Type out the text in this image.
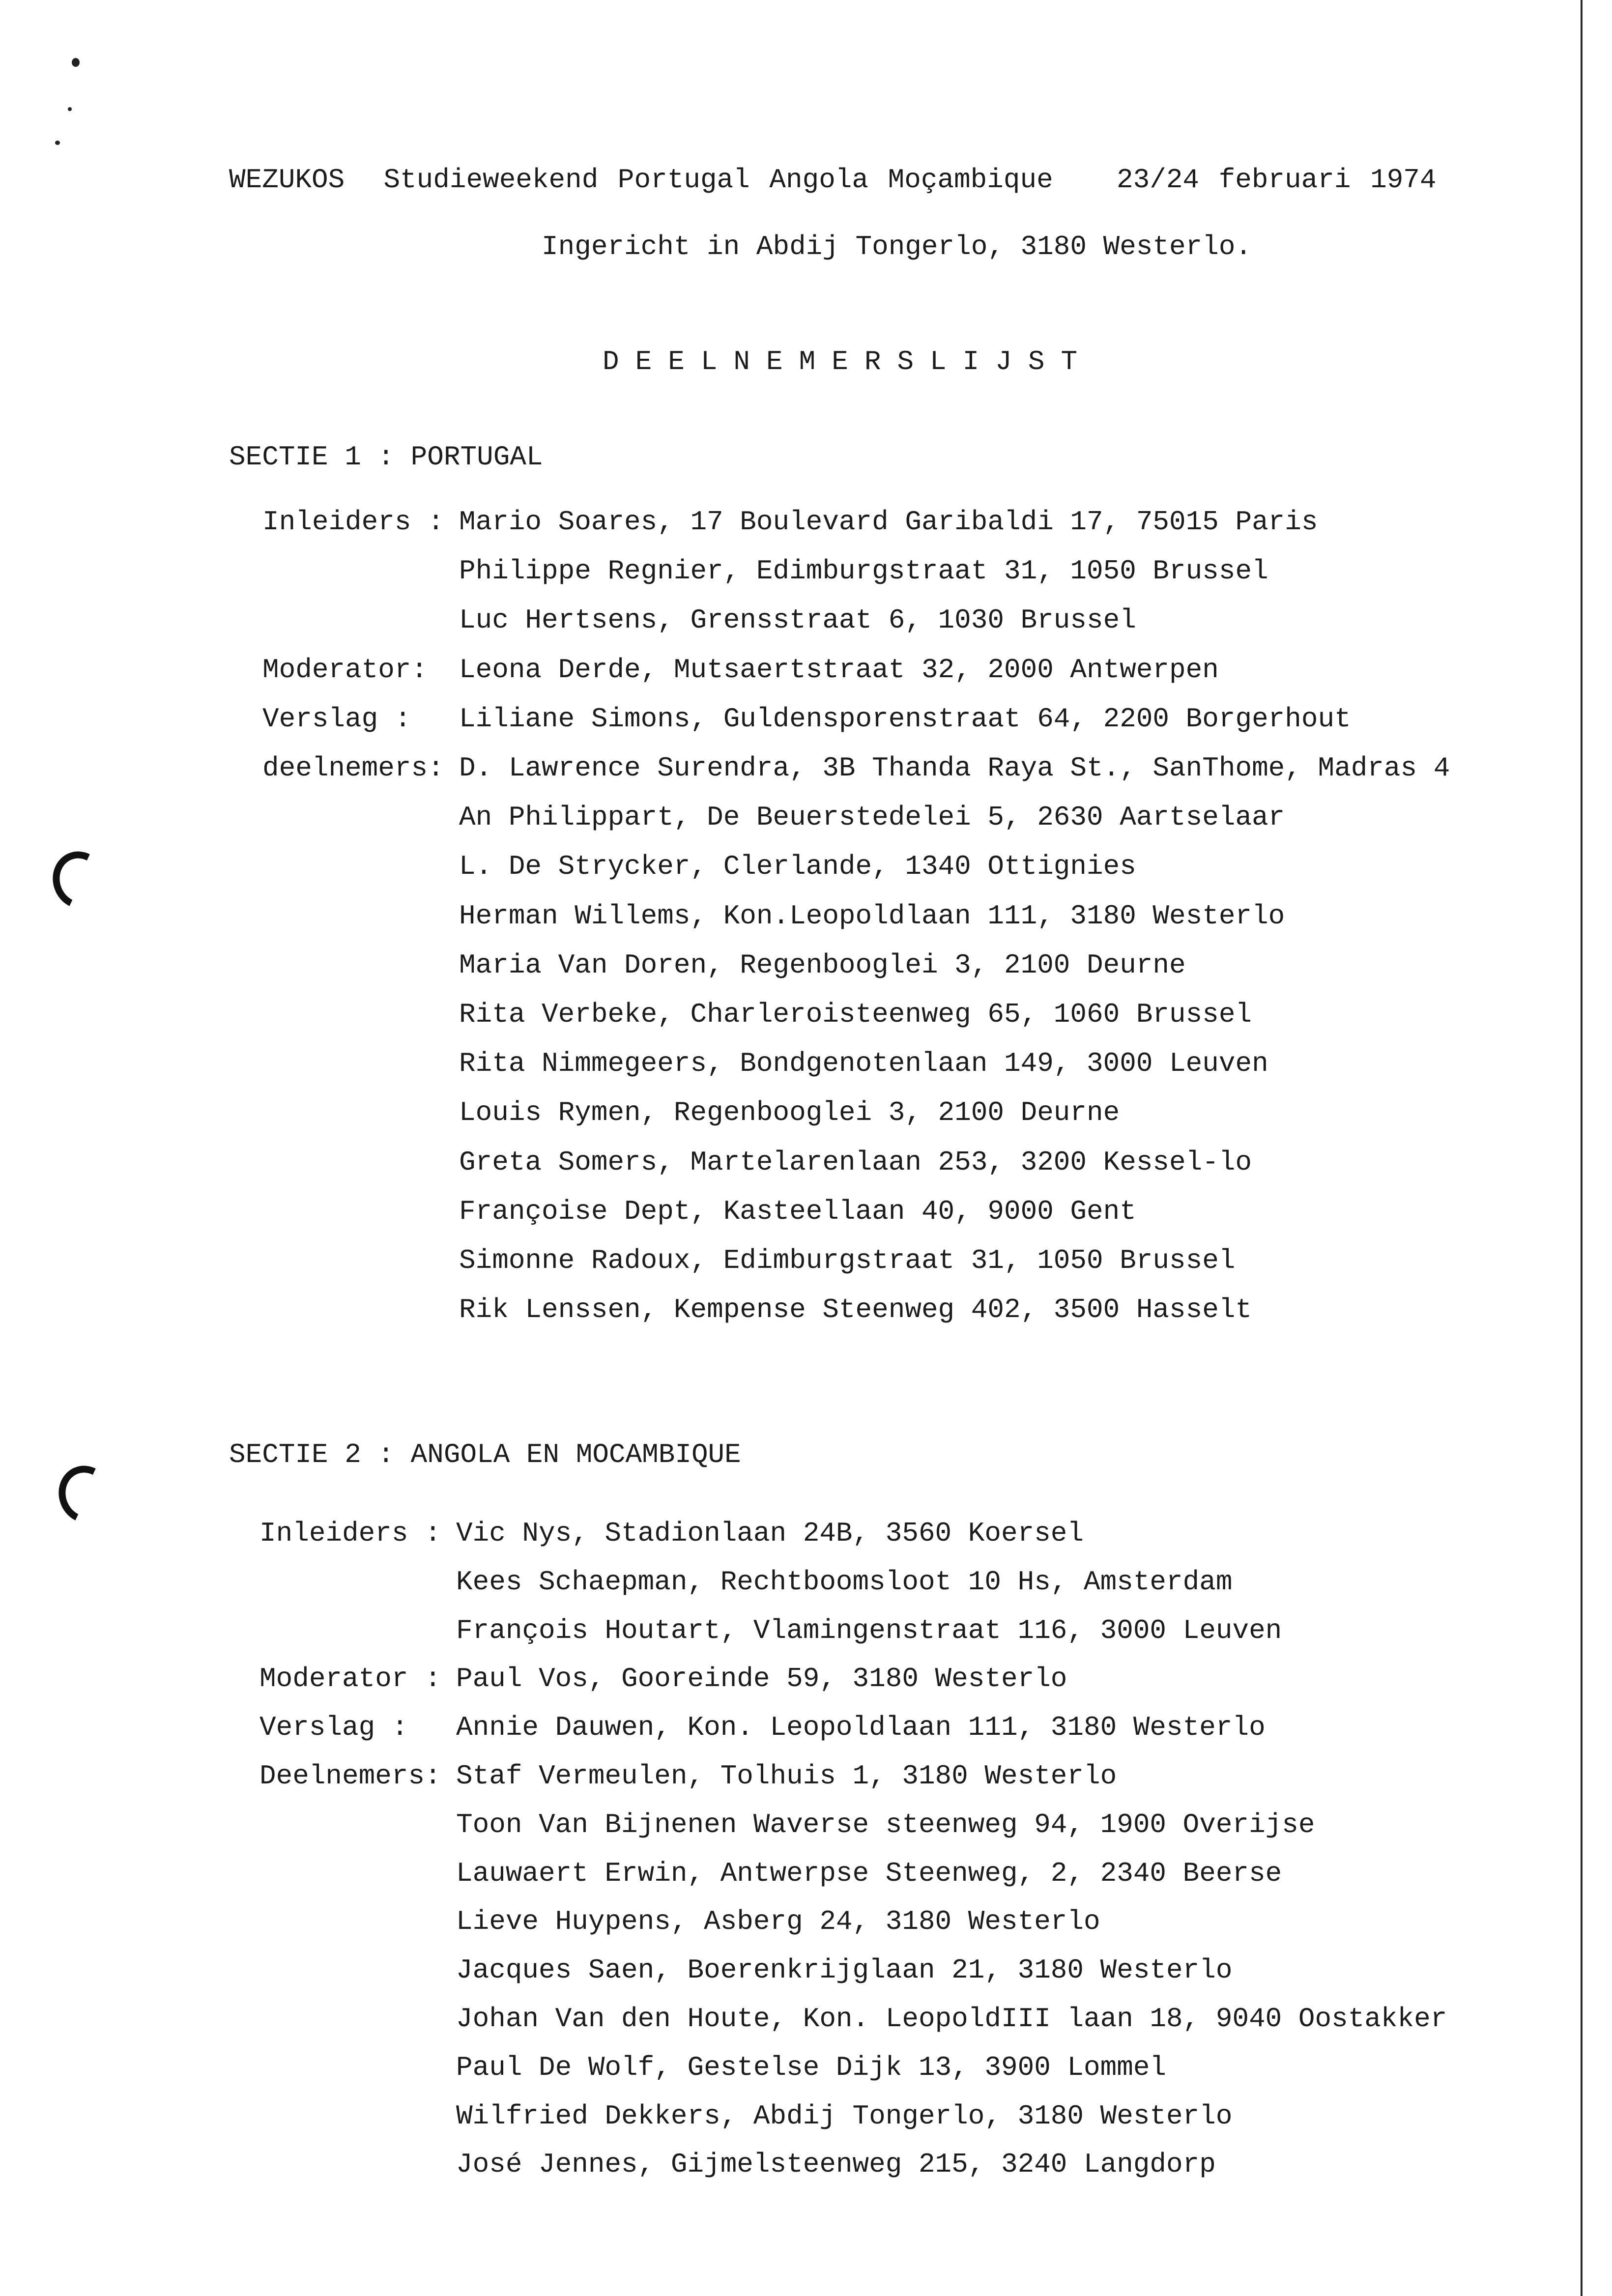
WEZUKOS  Studieweekend Portugal Angola Moçambique

23/24 februari 1974

Ingericht in Abdij Tongerlo, 3180 Westerlo.
DEELNEMERSLIJST
SECTIE 1 : PORTUGAL
Inleiders : Mario Soares, 17 Boulevard Garibaldi 17, 75015 Paris
Philippe Regnier, Edimburgstraat 31, 1050 Brussel
Luc Hertsens, Grensstraat 6, 1030 Brussel
Moderator: Leona Derde, Mutsaertstraat 32, 2000 Antwerpen
Verslag : Liliane Simons, Guldensporenstraat 64, 2200 Borgerhout
deelnemers: D. Lawrence Surendra, 3B Thanda Raya St., SanThome, Madras 4
An Philippart, De Beuerstedelei 5, 2630 Aartselaar
L. De Strycker, Clerlande, 1340 Ottignies
Herman Willems, Kon.Leopoldlaan 111, 3180 Westerlo
Maria Van Doren, Regenbooglei 3, 2100 Deurne
Rita Verbeke, Charleroisteenweg 65, 1060 Brussel
Rita Nimmegeers, Bondgenotenlaan 149, 3000 Leuven
Louis Rymen, Regenbooglei 3, 2100 Deurne
Greta Somers, Martelarenlaan 253, 3200 Kessel-lo
Françoise Dept, Kasteellaan 40, 9000 Gent
Simonne Radoux, Edimburgstraat 31, 1050 Brussel
Rik Lenssen, Kempense Steenweg 402, 3500 Hasselt
SECTIE 2 : ANGOLA EN MOCAMBIQUE
Inleiders : Vic Nys, Stadionlaan 24B, 3560 Koersel
Kees Schaepman, Rechtboomsloot 10 Hs, Amsterdam
François Houtart, Vlamingenstraat 116, 3000 Leuven
Moderator : Paul Vos, Gooreinde 59, 3180 Westerlo
Verslag : Annie Dauwen, Kon. Leopoldlaan 111, 3180 Westerlo
Deelnemers: Staf Vermeulen, Tolhuis 1, 3180 Westerlo
Toon Van Bijnenen Waverse steenweg 94, 1900 Overijse
Lauwaert Erwin, Antwerpse Steenweg, 2, 2340 Beerse
Lieve Huypens, Asberg 24, 3180 Westerlo
Jacques Saen, Boerenkrijglaan 21, 3180 Westerlo
Johan Van den Houte, Kon. LeopoldIII laan 18, 9040 Oostakker
Paul De Wolf, Gestelse Dijk 13, 3900 Lommel
Wilfried Dekkers, Abdij Tongerlo, 3180 Westerlo
José Jennes, Gijmelsteenweg 215, 3240 Langdorp
